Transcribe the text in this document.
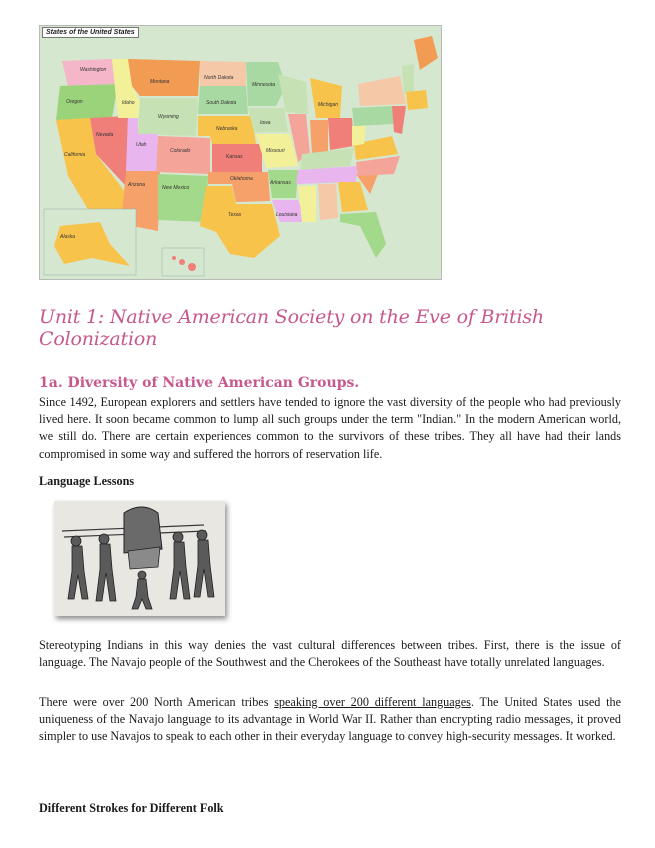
Washington
Oregon
California
Nevada
Idaho
Montana
Wyoming
Utah
Arizona
Colorado
New Mexico
North Dakota
South Dakota
Nebraska
Kansas
Oklahoma
Texas
Minnesota
Iowa
Missouri
Arkansas
Louisiana
Michigan
Alaska
States of the United States
Unit 1: Native American Society on the Eve of British Colonization
1a. Diversity of Native American Groups.

Since 1492, European explorers and settlers have tended to ignore the vast diversity of the people who had previously lived here. It soon became common to lump all such groups under the term "Indian." In the modern American world, we still do. There are certain experiences common to the survivors of these tribes. They all have had their lands compromised in some way and suffered the horrors of reservation life.

Language Lessons

Stereotyping Indians in this way denies the vast cultural differences between tribes. First, there is the issue of language. The Navajo people of the Southwest and the Cherokees of the Southeast have totally unrelated languages.

There were over 200 North American tribes speaking over 200 different languages. The United States used the uniqueness of the Navajo language to its advantage in World War II. Rather than encrypting radio messages, it proved simpler to use Navajos to speak to each other in their everyday language to convey high-security messages. It worked.

Different Strokes for Different Folk
